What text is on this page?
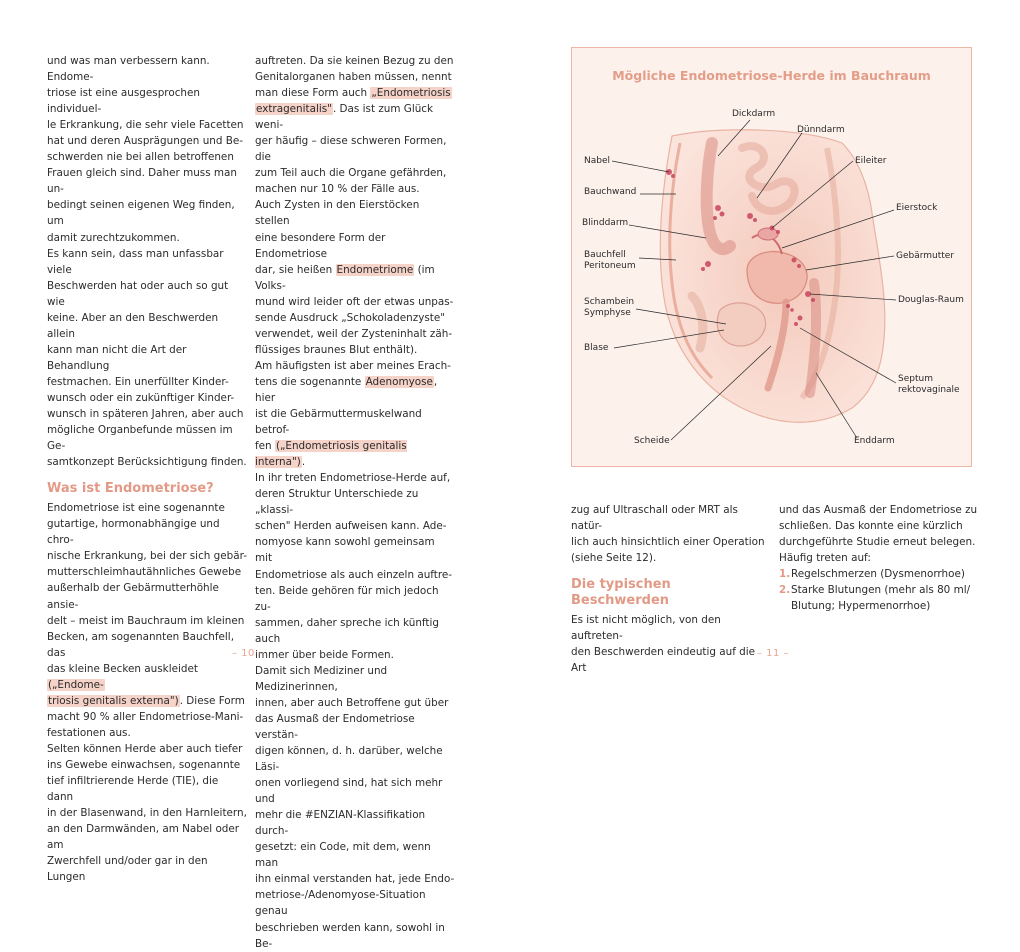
und was man verbessern kann. Endome-
triose ist eine ausgesprochen individuel-
le Erkrankung, die sehr viele Facetten
hat und deren Ausprägungen und Be-
schwerden nie bei allen betroffenen
Frauen gleich sind. Daher muss man un-
bedingt seinen eigenen Weg finden, um
damit zurechtzukommen.

Es kann sein, dass man unfassbar viele
Beschwerden hat oder auch so gut wie
keine. Aber an den Beschwerden allein
kann man nicht die Art der Behandlung
festmachen. Ein unerfüllter Kinder-
wunsch oder ein zukünftiger Kinder-
wunsch in späteren Jahren, aber auch
mögliche Organbefunde müssen im Ge-
samtkonzept Berücksichtigung finden.

Was ist Endometriose?

Endometriose ist eine sogenannte
gutartige, hormonabhängige und chro-
nische Erkrankung, bei der sich gebär-
mutterschleimhautähnliches Gewebe
außerhalb der Gebärmutterhöhle ansie-
delt – meist im Bauchraum im kleinen
Becken, am sogenannten Bauchfell, das
das kleine Becken auskleidet („Endome-
triosis genitalis externa"). Diese Form
macht 90 % aller Endometriose-Mani-
festationen aus.

Selten können Herde aber auch tiefer
ins Gewebe einwachsen, sogenannte
tief infiltrierende Herde (TIE), die dann
in der Blasenwand, in den Harnleitern,
an den Darmwänden, am Nabel oder am
Zwerchfell und/oder gar in den Lungen

auftreten. Da sie keinen Bezug zu den
Genitalorganen haben müssen, nennt
man diese Form auch „Endometriosis
extragenitalis". Das ist zum Glück weni-
ger häufig – diese schweren Formen, die
zum Teil auch die Organe gefährden,
machen nur 10 % der Fälle aus.
Auch Zysten in den Eierstöcken stellen
eine besondere Form der Endometriose
dar, sie heißen Endometriome (im Volks-
mund wird leider oft der etwas unpas-
sende Ausdruck „Schokoladenzyste"
verwendet, weil der Zysteninhalt zäh-
flüssiges braunes Blut enthält).
Am häufigsten ist aber meines Erach-
tens die sogenannte Adenomyose, hier
ist die Gebärmuttermuskelwand betrof-
fen („Endometriosis genitalis interna").
In ihr treten Endometriose-Herde auf,
deren Struktur Unterschiede zu „klassi-
schen" Herden aufweisen kann. Ade-
nomyose kann sowohl gemeinsam mit
Endometriose als auch einzeln auftre-
ten. Beide gehören für mich jedoch zu-
sammen, daher spreche ich künftig auch
immer über beide Formen.
Damit sich Mediziner und Medizinerinnen,
innen, aber auch Betroffene gut über
das Ausmaß der Endometriose verstän-
digen können, d. h. darüber, welche Läsi-
onen vorliegend sind, hat sich mehr und
mehr die #ENZIAN-Klassifikation durch-
gesetzt: ein Code, mit dem, wenn man
ihn einmal verstanden hat, jede Endo-
metriose-/Adenomyose-Situation genau
beschrieben werden kann, sowohl in Be-

– 10 –
Mögliche Endometriose-Herde im Bauchraum
Dickdarm
Dünndarm
Nabel	Eileiter
Bauchwand
Eierstock
Blinddarm
Bauchfell
Peritoneum
Gebärmutter
Douglas-Raum
Schambein
Symphyse
Blase
Septum
rektovaginale
Scheide	Enddarm

zug auf Ultraschall oder MRT als natür-
lich auch hinsichtlich einer Operation
(siehe Seite 12).

Die typischen Beschwerden

Es ist nicht möglich, von den auftreten-
den Beschwerden eindeutig auf die Art

und das Ausmaß der Endometriose zu
schließen. Das konnte eine kürzlich
durchgeführte Studie erneut belegen.
Häufig treten auf:

1. Regelschmerzen (Dysmenorrhoe)
2. Starke Blutungen (mehr als 80 ml/
Blutung; Hypermenorrhoe)
– 11 –
